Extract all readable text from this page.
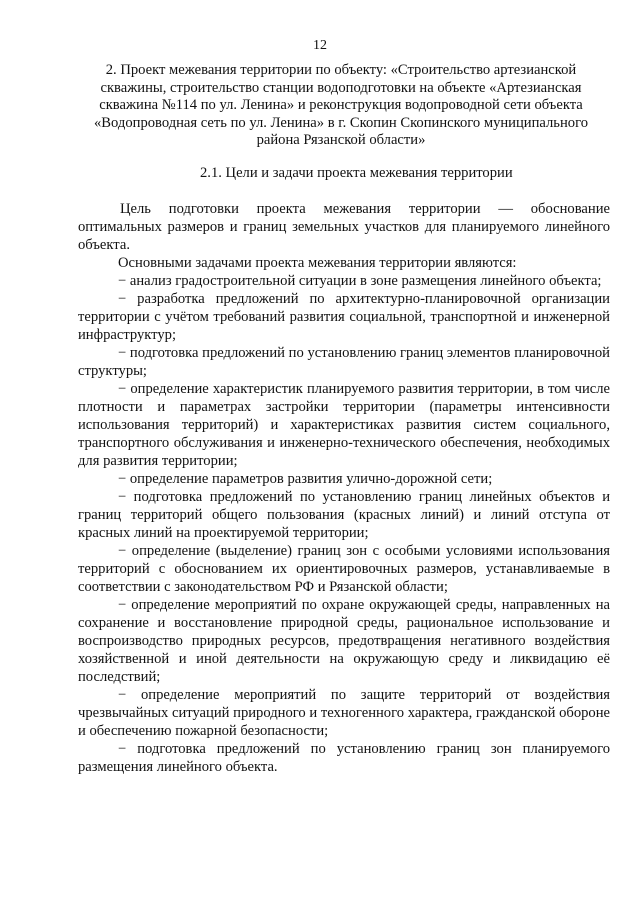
12
2. Проект межевания территории по объекту: «Строительство артезианской скважины, строительство станции водоподготовки на объекте «Артезианская скважина №114 по ул. Ленина» и реконструкция водопроводной сети объекта «Водопроводная сеть по ул. Ленина» в г. Скопин Скопинского муниципального района Рязанской области»
2.1. Цели и задачи проекта межевания территории

Цель подготовки проекта межевания территории — обоснование оптимальных размеров и границ земельных участков для планируемого линейного объекта.

Основными задачами проекта межевания территории являются:

− анализ градостроительной ситуации в зоне размещения линейного объекта;

− разработка предложений по архитектурно-планировочной организации территории с учётом требований развития социальной, транспортной и инженерной инфраструктур;

− подготовка предложений по установлению границ элементов планировочной структуры;

− определение характеристик планируемого развития территории, в том числе плотности и параметрах застройки территории (параметры интенсивности использования территорий) и характеристиках развития систем социального, транспортного обслуживания и инженерно-технического обеспечения, необходимых для развития территории;

− определение параметров развития улично-дорожной сети;

− подготовка предложений по установлению границ линейных объектов и границ территорий общего пользования (красных линий) и линий отступа от красных линий на проектируемой территории;

− определение (выделение) границ зон с особыми условиями использования территорий с обоснованием их ориентировочных размеров, устанавливаемые в соответствии с законодательством РФ и Рязанской области;

− определение мероприятий по охране окружающей среды, направленных на сохранение и восстановление природной среды, рациональное использование и воспроизводство природных ресурсов, предотвращения негативного воздействия хозяйственной и иной деятельности на окружающую среду и ликвидацию её последствий;

− определение мероприятий по защите территорий от воздействия чрезвычайных ситуаций природного и техногенного характера, гражданской обороне и обеспечению пожарной безопасности;

− подготовка предложений по установлению границ зон планируемого размещения линейного объекта.
